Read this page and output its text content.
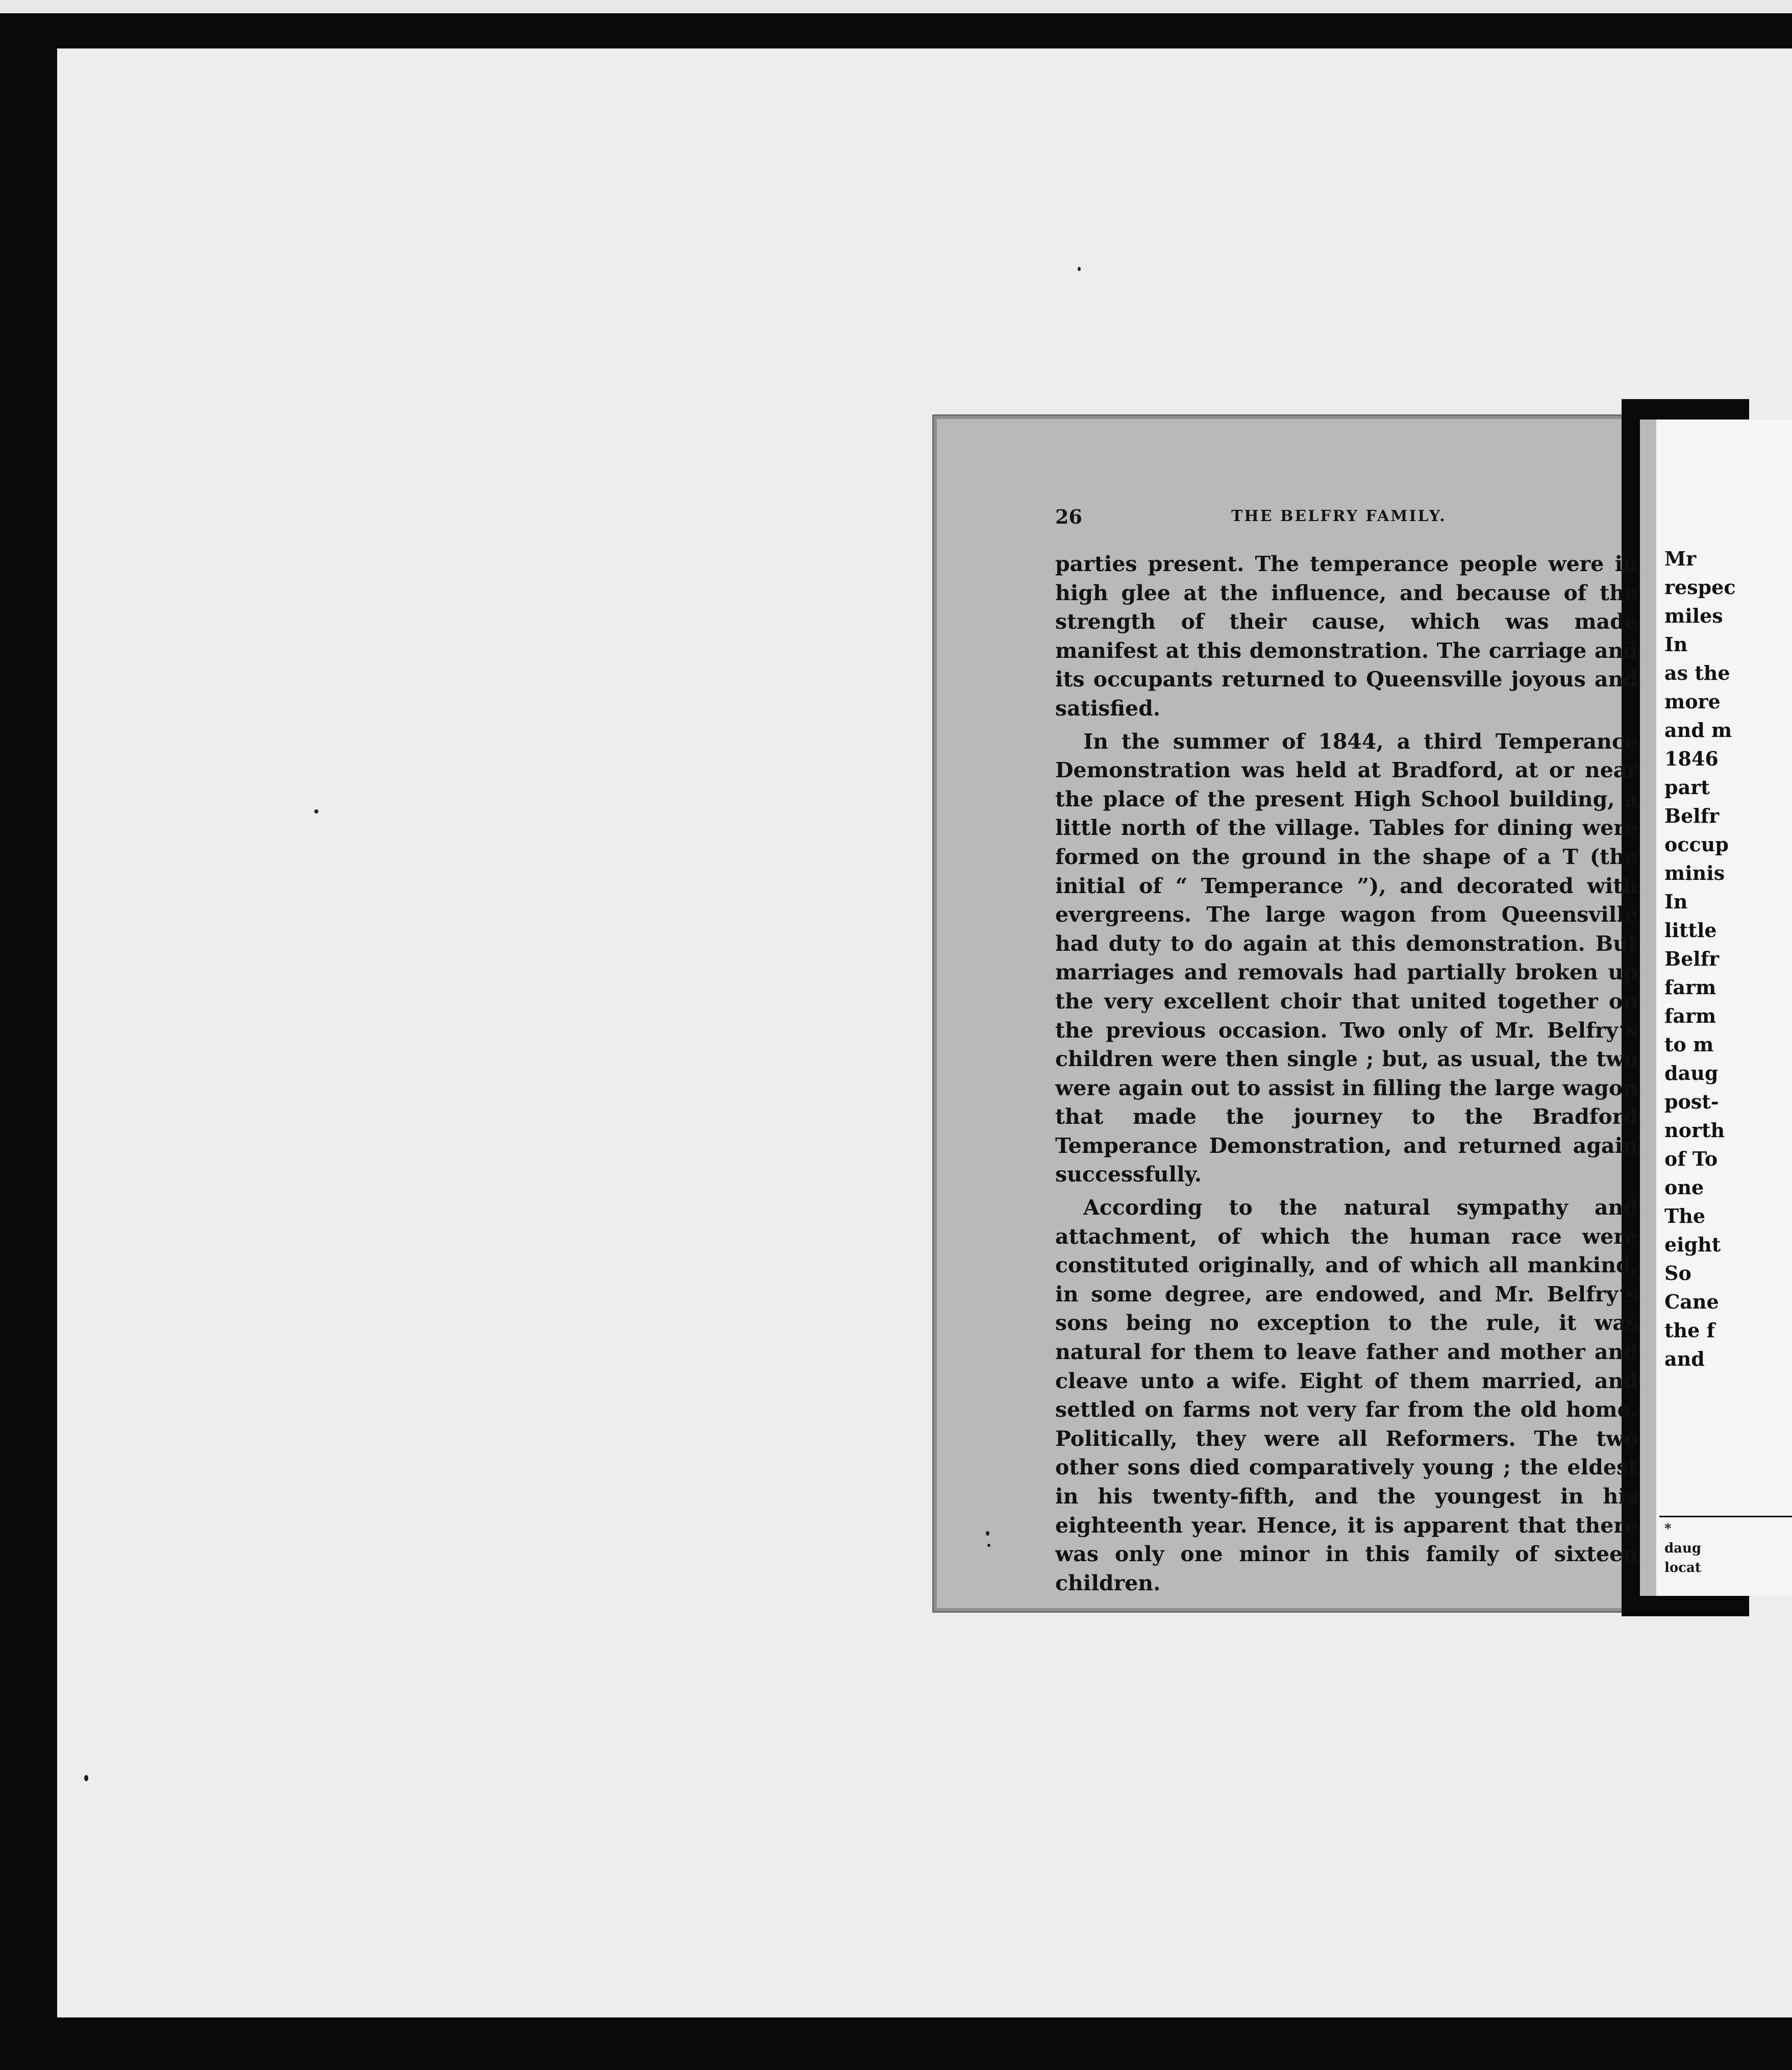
26	THE BELFRY FAMILY.

parties present. The temperance people were in high glee at the influence, and because of the strength of their cause, which was made manifest at this demonstration. The carriage and its occupants returned to Queensville joyous and satisfied.

In the summer of 1844, a third Temperance Demonstration was held at Bradford, at or near the place of the present High School building, a little north of the village. Tables for dining were formed on the ground in the shape of a T (the initial of “ Temperance ”), and decorated with evergreens. The large wagon from Queensville had duty to do again at this demonstration. But marriages and removals had partially broken up the very excellent choir that united together on the previous occasion. Two only of Mr. Belfry’s children were then single ; but, as usual, the two were again out to assist in filling the large wagon that made the journey to the Bradford Temperance Demonstration, and returned again successfully.

According to the natural sympathy and attachment, of which the human race were constituted originally, and of which all mankind, in some degree, are endowed, and Mr. Belfry’s sons being no exception to the rule, it was natural for them to leave father and mother and cleave unto a wife. Eight of them married, and settled on farms not very far from the old home. Politically, they were all Reformers. The two other sons died comparatively young ; the eldest in his twenty-fifth, and the youngest in his eighteenth year. Hence, it is apparent that there was only one minor in this family of sixteen children.

Mr
respec
miles
In
as the
more
and m
1846
part
Belfr
occup
minis
In
little
Belfr
farm
farm
to m
daug
post-
north
of To
one
The
eight
So
Cane
the f
and
*
daug
locat
